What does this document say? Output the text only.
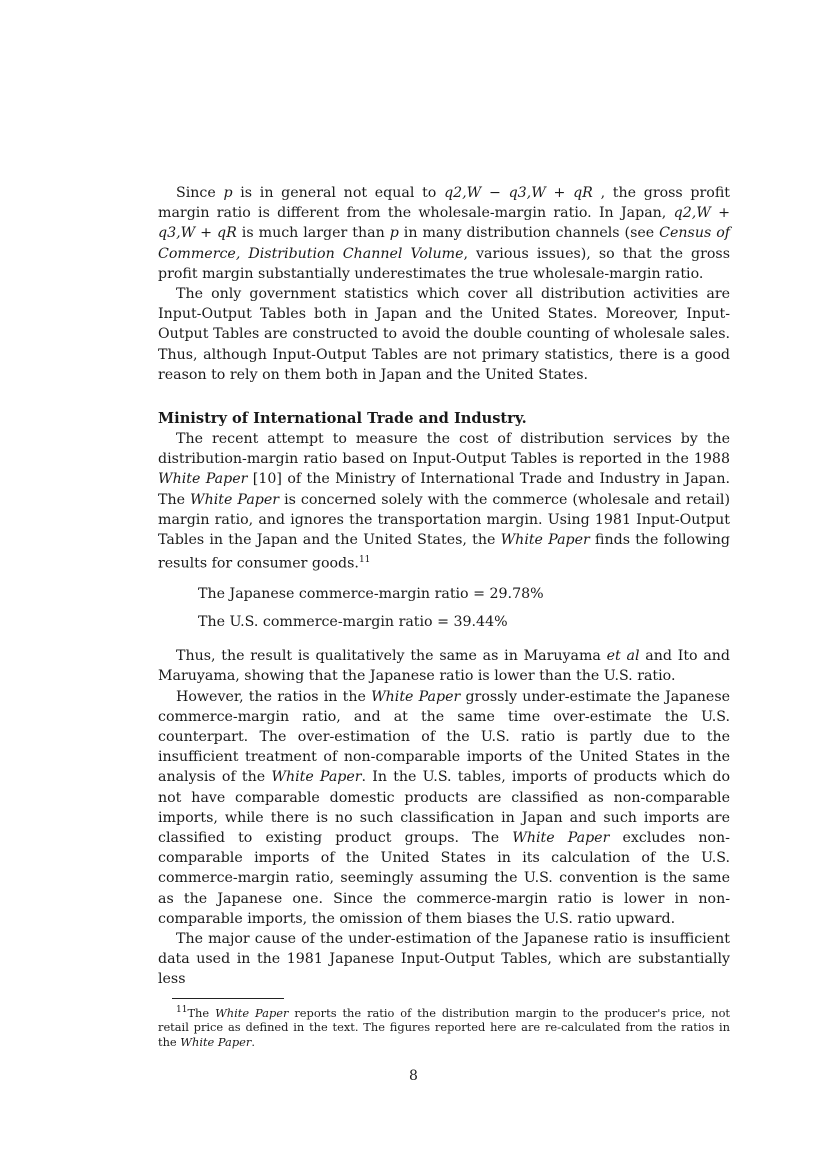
Since p is in general not equal to q2,W − q3,W + qR , the gross profit margin ratio is different from the wholesale-margin ratio. In Japan, q2,W + q3,W + qR is much larger than p in many distribution channels (see Census of Commerce, Distribution Channel Volume, various issues), so that the gross profit margin substantially underestimates the true wholesale-margin ratio.

The only government statistics which cover all distribution activities are Input-Output Tables both in Japan and the United States. Moreover, Input-Output Tables are constructed to avoid the double counting of wholesale sales. Thus, although Input-Output Tables are not primary statistics, there is a good reason to rely on them both in Japan and the United States.

Ministry of International Trade and Industry.

The recent attempt to measure the cost of distribution services by the distribution-margin ratio based on Input-Output Tables is reported in the 1988 White Paper [10] of the Ministry of International Trade and Industry in Japan. The White Paper is concerned solely with the commerce (wholesale and retail) margin ratio, and ignores the transportation margin. Using 1981 Input-Output Tables in the Japan and the United States, the White Paper finds the following results for consumer goods.$^{11}$

The Japanese commerce-margin ratio = 29.78%

The U.S. commerce-margin ratio = 39.44%

Thus, the result is qualitatively the same as in Maruyama et al and Ito and Maruyama, showing that the Japanese ratio is lower than the U.S. ratio.

However, the ratios in the White Paper grossly under-estimate the Japanese commerce-margin ratio, and at the same time over-estimate the U.S. counterpart. The over-estimation of the U.S. ratio is partly due to the insufficient treatment of non-comparable imports of the United States in the analysis of the White Paper. In the U.S. tables, imports of products which do not have comparable domestic products are classified as non-comparable imports, while there is no such classification in Japan and such imports are classified to existing product groups. The White Paper excludes non-comparable imports of the United States in its calculation of the U.S. commerce-margin ratio, seemingly assuming the U.S. convention is the same as the Japanese one. Since the commerce-margin ratio is lower in non-comparable imports, the omission of them biases the U.S. ratio upward.

The major cause of the under-estimation of the Japanese ratio is insufficient data used in the 1981 Japanese Input-Output Tables, which are substantially less

$^{11}$The White Paper reports the ratio of the distribution margin to the producer's price, not retail price as defined in the text. The figures reported here are re-calculated from the ratios in the White Paper.

8
